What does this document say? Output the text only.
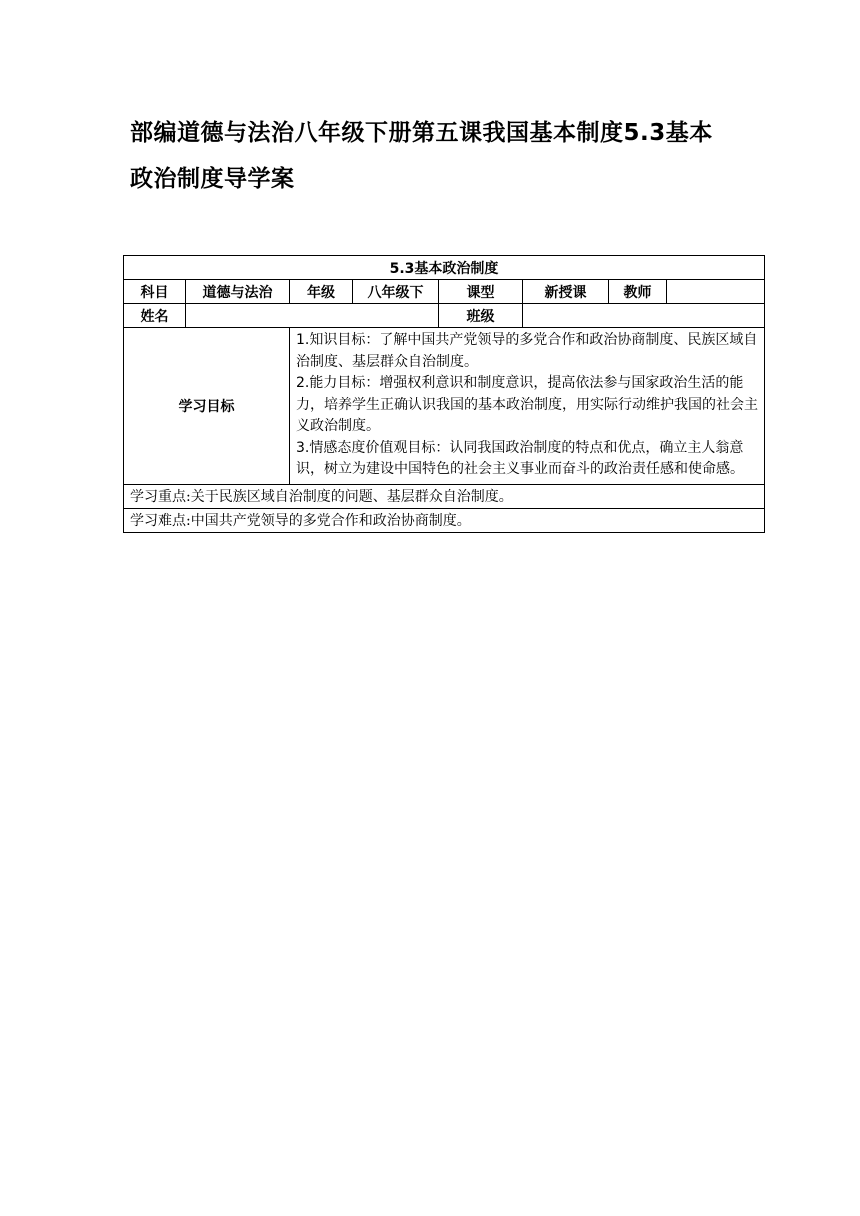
部编道德与法治八年级下册第五课我国基本制度5.3基本
政治制度导学案
5.3基本政治制度							
科目	道德与法治	年级	八年级下	课型	新授课	教师	
姓名				班级			
学习目标		1.知识目标：了解中国共产党领导的多党合作和政治协商制度、民族区域自治制度、基层群众自治制度。

2.能力目标：增强权利意识和制度意识，提高依法参与国家政治生活的能力，培养学生正确认识我国的基本政治制度，用实际行动维护我国的社会主义政治制度。

3.情感态度价值观目标：认同我国政治制度的特点和优点，确立主人翁意识，树立为建设中国特色的社会主义事业而奋斗的政治责任感和使命感。					

学习重点:关于民族区域自治制度的问题、基层群众自治制度。							
学习难点:中国共产党领导的多党合作和政治协商制度。							
